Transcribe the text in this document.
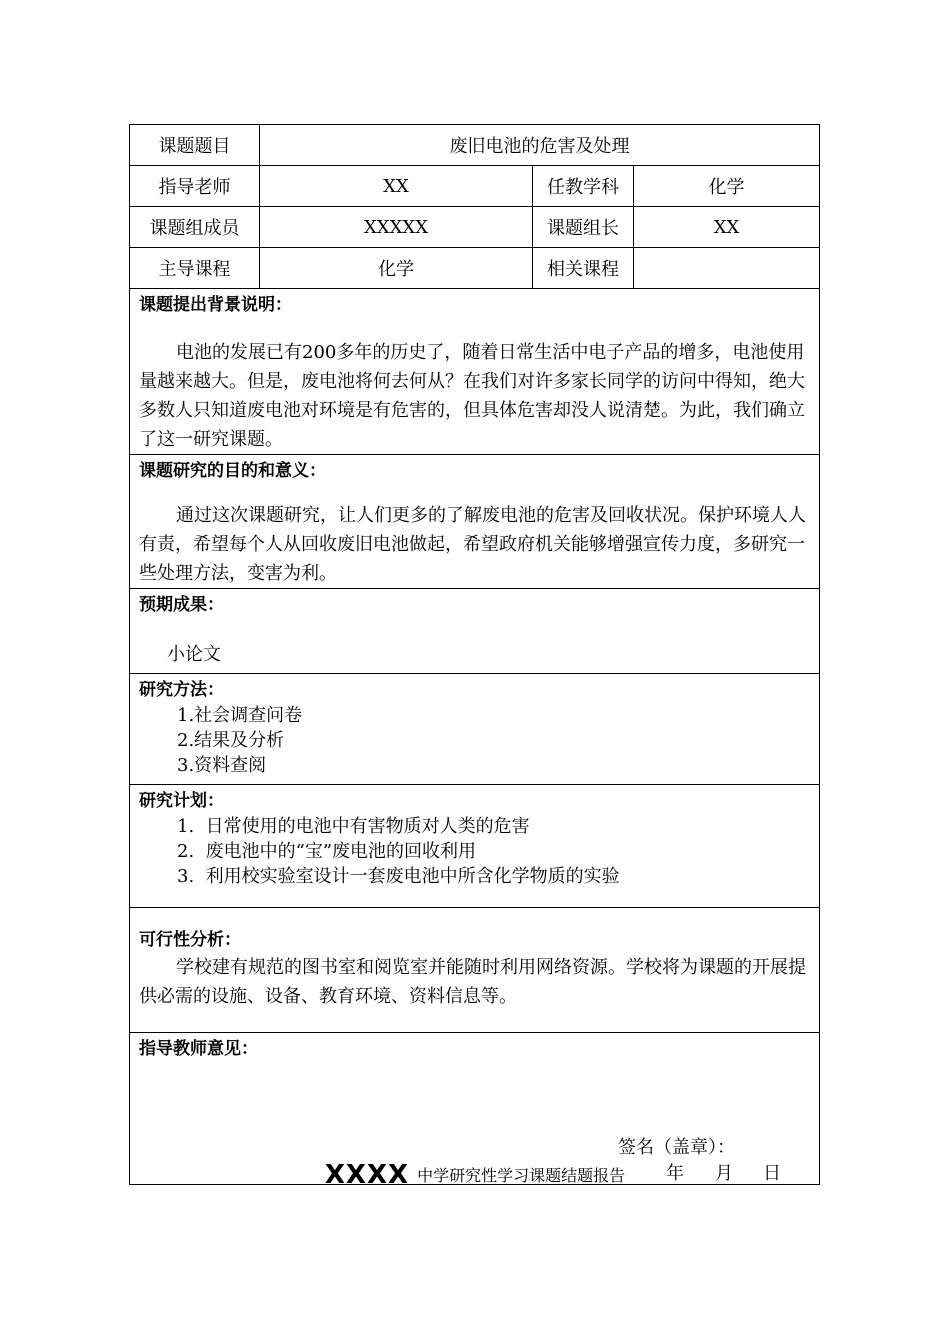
课题题目	废旧电池的危害及处理		
指导老师	XX	任教学科	化学
课题组成员	XXXXX	课题组长	XX
主导课程	化学	相关课程	

课题提出背景说明：

电池的发展已有200多年的历史了，随着日常生活中电子产品的增多，电池使用量越来越大。但是，废电池将何去何从？在我们对许多家长同学的访问中得知，绝大多数人只知道废电池对环境是有危害的，但具体危害却没人说清楚。为此，我们确立了这一研究课题。			

课题研究的目的和意义：

通过这次课题研究，让人们更多的了解废电池的危害及回收状况。保护环境人人有责，希望每个人从回收废旧电池做起，希望政府机关能够增强宣传力度，多研究一些处理方法，变害为利。			

预期成果：

小论文			

研究方法：

1.社会调查问卷

2.结果及分析

3.资料查阅			

研究计划：

1.  日常使用的电池中有害物质对人类的危害

2.  废电池中的“宝”废电池的回收利用

3.  利用校实验室设计一套废电池中所含化学物质的实验			

可行性分析：

学校建有规范的图书室和阅览室并能随时利用网络资源。学校将为课题的开展提供必需的设施、设备、教育环境、资料信息等。			

指导教师意见：
签名（盖章）：
年 月 日			
XXXX 中学研究性学习课题结题报告
